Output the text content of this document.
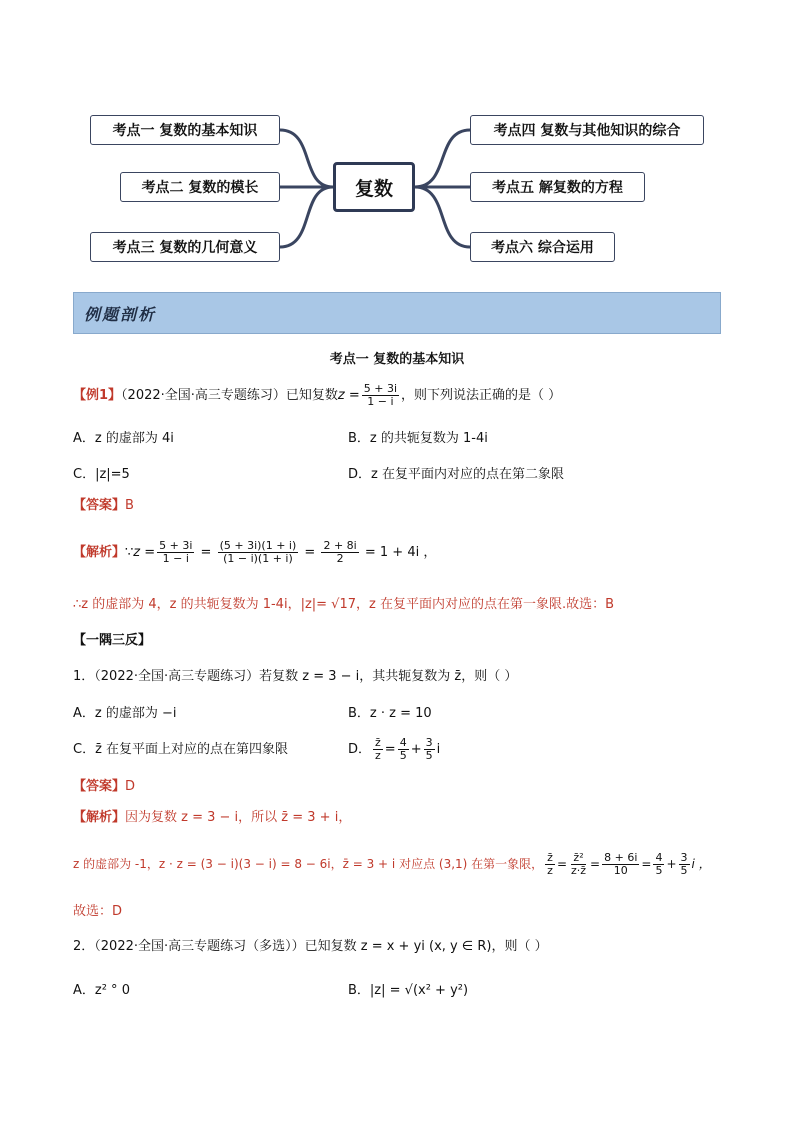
考点一 复数的基本知识
考点二 复数的模长
考点三 复数的几何意义
复数
考点四 复数与其他知识的综合
考点五 解复数的方程
考点六 综合运用
例题剖析
考点一 复数的基本知识
【例1】（2022·全国·高三专题练习）已知复数$z = \frac{5 + 3i}{1 - i}$ ，则下列说法正确的是（ ）
A．z 的虚部为 4i	B．z 的共轭复数为 1-4i
C．|z|=5	D．z 在复平面内对应的点在第二象限
【答案】B
【解析】∵z = $\frac{5 + 3i}{1 - i} = \frac{(5 + 3i)(1 + i)}{(1 - i)(1 + i)} = \frac{2 + 8i}{2} = 1 + 4i$ ，
∴z 的虚部为 4，z 的共轭复数为 1-4i，|z|= √17，z 在复平面内对应的点在第一象限.故选：B
【一隅三反】
1．（2022·全国·高三专题练习）若复数 z = 3 − i，其共轭复数为 z̄，则（ ）
A．z 的虚部为 −i	B．z · z = 10
C．z̄ 在复平面上对应的点在第四象限	D． $\frac{z̄}{z} = \frac{4}{5} + \frac{3}{5}$ i
【答案】D
【解析】因为复数 z = 3 − i，所以 z̄ = 3 + i，
z 的虚部为 -1，z · z = (3 − i)(3 − i) = 8 − 6i，z̄ = 3 + i 对应点 (3,1) 在第一象限， $\frac{z̄}{z} = \frac{\text{z̄²}}{z\cdot z̄} = \frac{8 + 6i}{10} = \frac{4}{5} + \frac{3}{5}$ i ，
故选：D
2．（2022·全国·高三专题练习（多选））已知复数 z = x + yi (x, y ∈ R)，则（ ）
A．z² ° 0	B．|z| = √(x² + y²)
